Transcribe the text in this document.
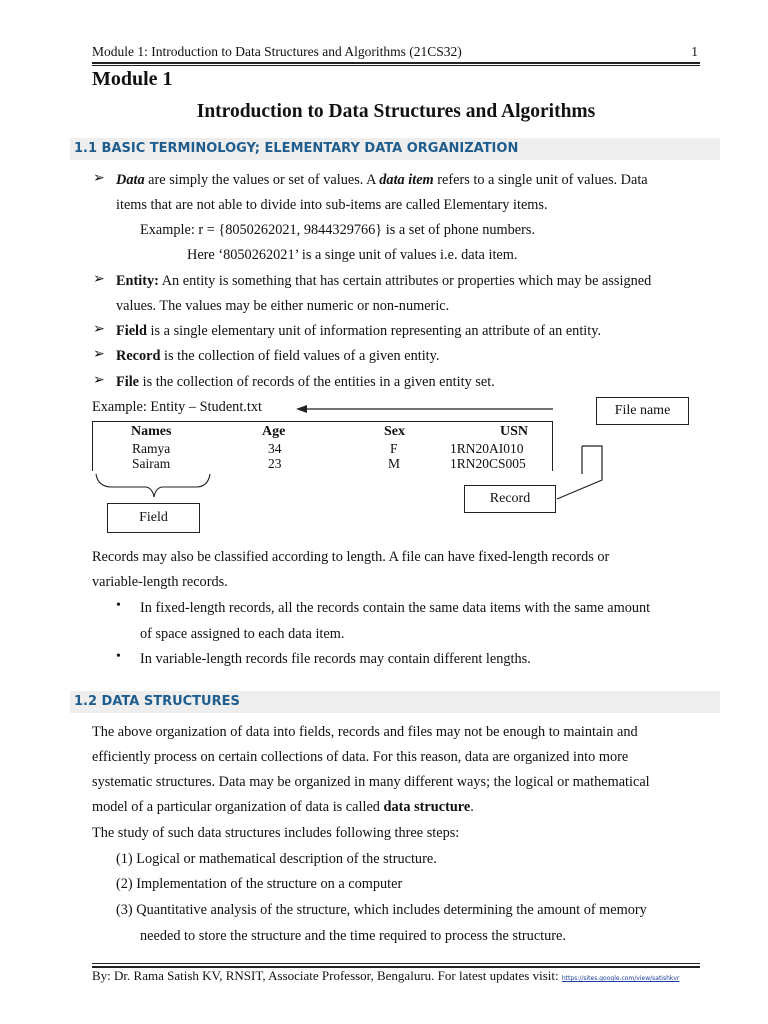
Module 1: Introduction to Data Structures and Algorithms (21CS32)	1
Module 1
Introduction to Data Structures and Algorithms
1.1 BASIC TERMINOLOGY; ELEMENTARY DATA ORGANIZATION
➢ Data are simply the values or set of values. A data item refers to a single unit of values. Data
items that are not able to divide into sub-items are called Elementary items.
Example: r = {8050262021, 9844329766} is a set of phone numbers.
Here ‘8050262021’ is a singe unit of values i.e. data item.
➢ Entity: An entity is something that has certain attributes or properties which may be assigned
values. The values may be either numeric or non-numeric.
➢ Field is a single elementary unit of information representing an attribute of an entity.
➢ Record is the collection of field values of a given entity.
➢ File is the collection of records of the entities in a given entity set.
Example: Entity – Student.txt	File name
Names	Age	Sex	USN
Ramya	34	F	1RN20AI010
Sairam	23	M	1RN20CS005
Record
Field
Records may also be classified according to length. A file can have fixed-length records or
variable-length records.
• In fixed-length records, all the records contain the same data items with the same amount
of space assigned to each data item.
• In variable-length records file records may contain different lengths.
1.2 DATA STRUCTURES
The above organization of data into fields, records and files may not be enough to maintain and
efficiently process on certain collections of data. For this reason, data are organized into more
systematic structures. Data may be organized in many different ways; the logical or mathematical
model of a particular organization of data is called data structure.
The study of such data structures includes following three steps:
(1) Logical or mathematical description of the structure.
(2) Implementation of the structure on a computer
(3) Quantitative analysis of the structure, which includes determining the amount of memory
needed to store the structure and the time required to process the structure.
By: Dr. Rama Satish KV, RNSIT, Associate Professor, Bengaluru. For latest updates visit: https://sites.google.com/view/satishkvr
